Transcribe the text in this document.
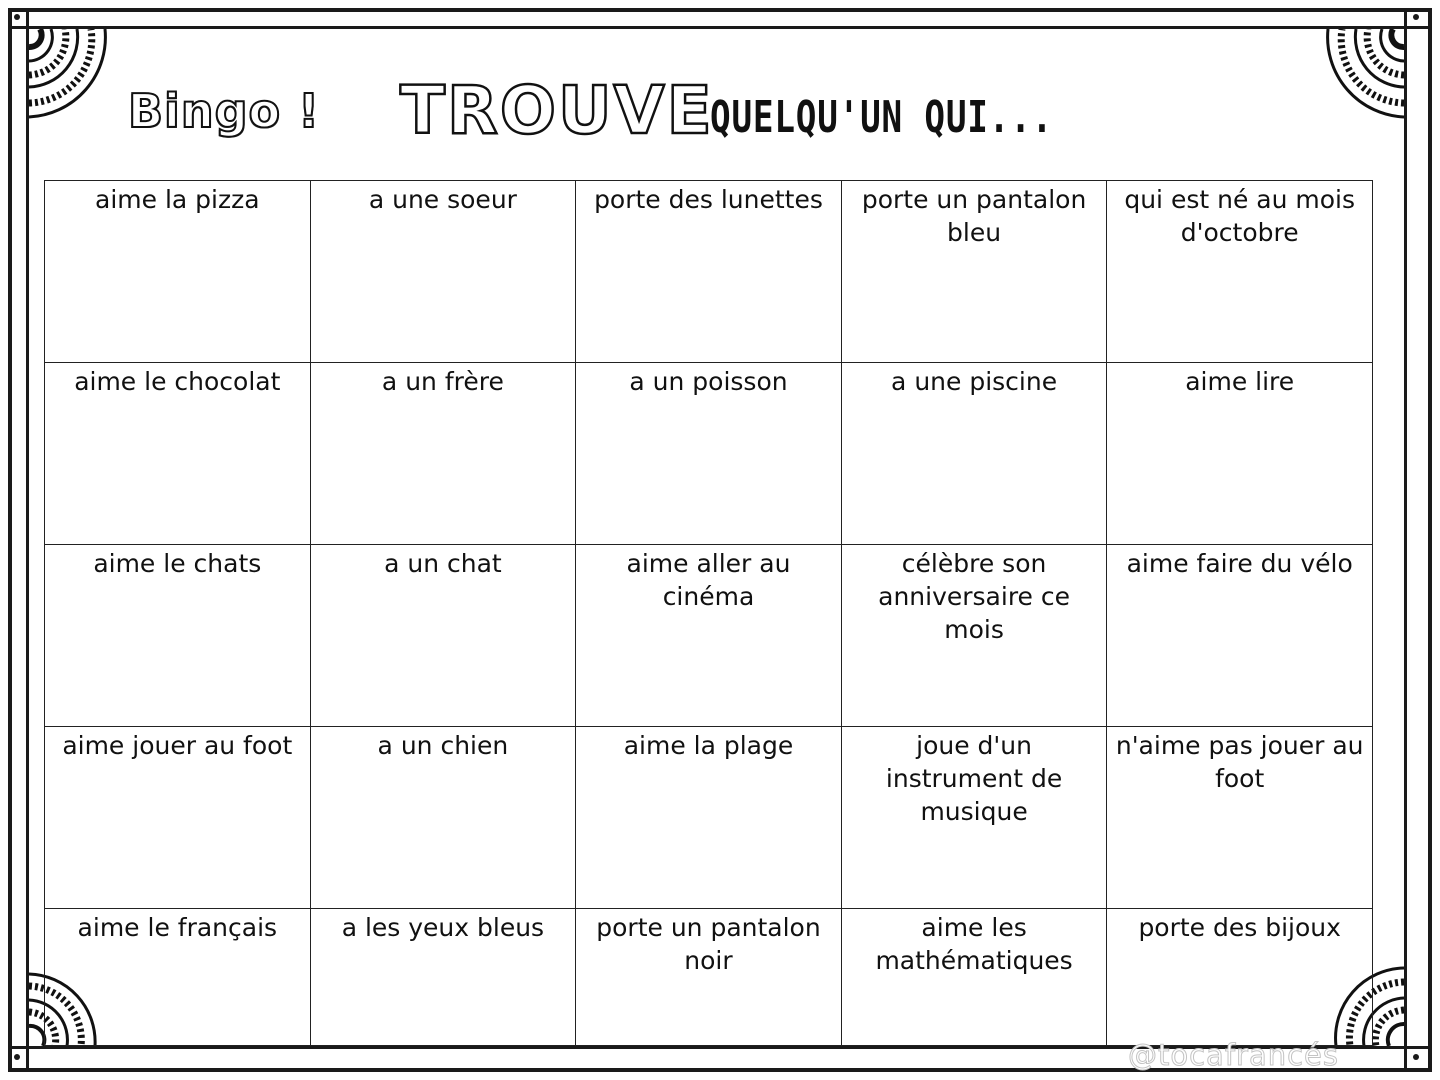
Bingo ! TROUVE
QUELQU'UN QUI...
aime la pizza	a une soeur	porte des lunettes	porte un pantalon bleu	qui est né au mois d'octobre

aime le chocolat	a un frère	a un poisson	a une piscine	aime lire

aime le chats	a un chat	aime aller au cinéma	célèbre son anniversaire ce mois	aime faire du vélo

aime jouer au foot	a un chien	aime la plage	joue d'un instrument de musique	n'aime pas jouer au foot

aime le français	a les yeux bleus	porte un pantalon noir	aime les mathématiques	porte des bijoux
@tocafrancés
